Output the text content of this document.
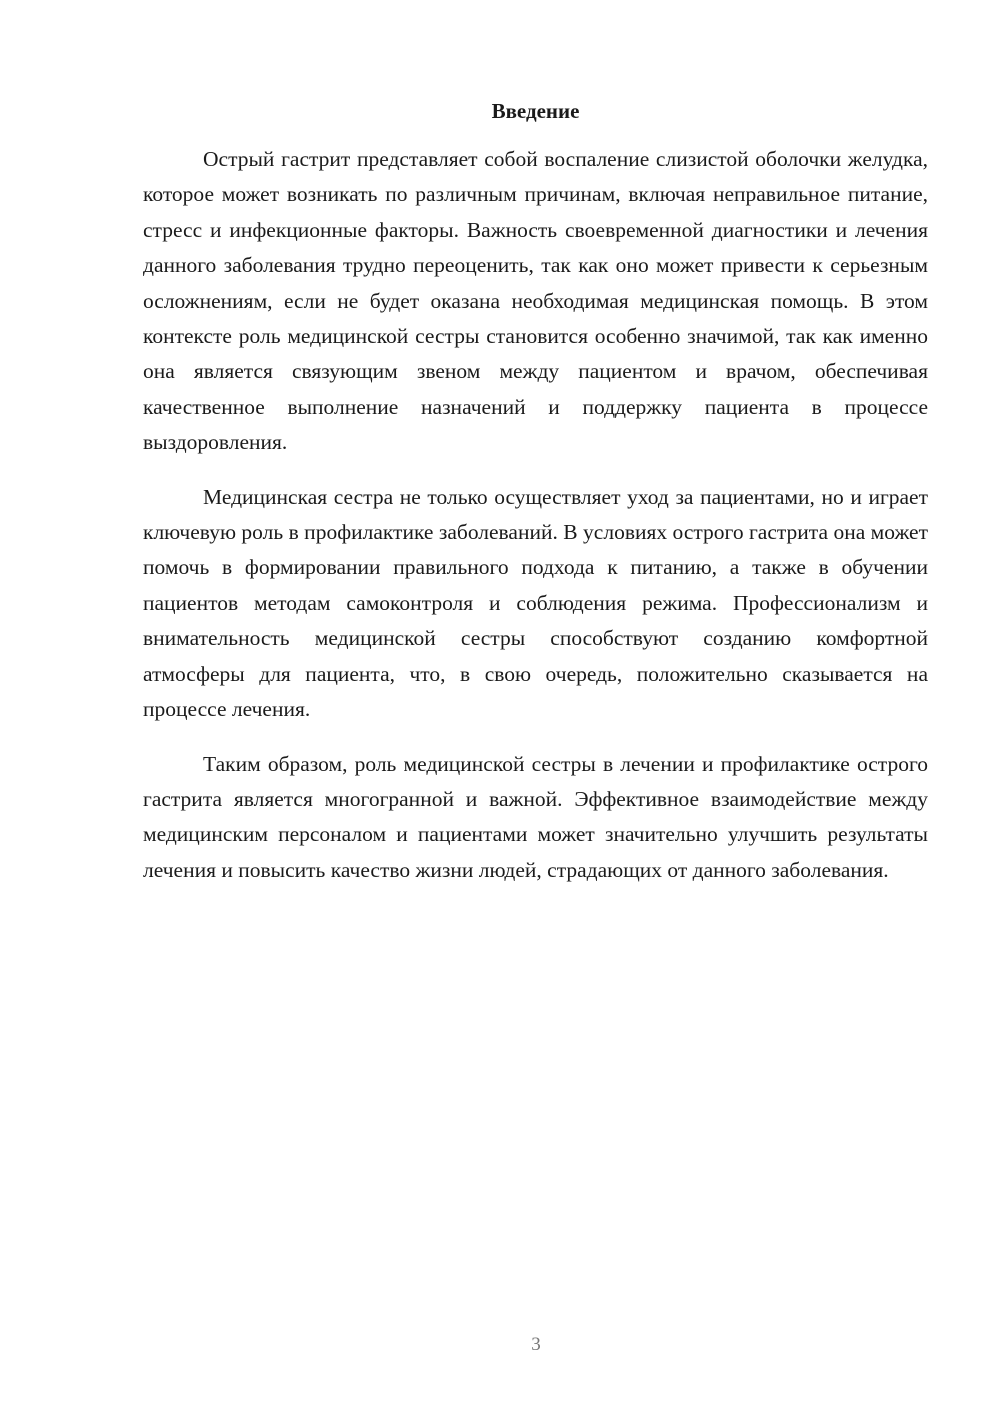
Введение

Острый гастрит представляет собой воспаление слизистой оболочки желудка, которое может возникать по различным причинам, включая неправильное питание, стресс и инфекционные факторы. Важность своевременной диагностики и лечения данного заболевания трудно переоценить, так как оно может привести к серьезным осложнениям, если не будет оказана необходимая медицинская помощь. В этом контексте роль медицинской сестры становится особенно значимой, так как именно она является связующим звеном между пациентом и врачом, обеспечивая качественное выполнение назначений и поддержку пациента в процессе выздоровления.

Медицинская сестра не только осуществляет уход за пациентами, но и играет ключевую роль в профилактике заболеваний. В условиях острого гастрита она может помочь в формировании правильного подхода к питанию, а также в обучении пациентов методам самоконтроля и соблюдения режима. Профессионализм и внимательность медицинской сестры способствуют созданию комфортной атмосферы для пациента, что, в свою очередь, положительно сказывается на процессе лечения.

Таким образом, роль медицинской сестры в лечении и профилактике острого гастрита является многогранной и важной. Эффективное взаимодействие между медицинским персоналом и пациентами может значительно улучшить результаты лечения и повысить качество жизни людей, страдающих от данного заболевания.

3
